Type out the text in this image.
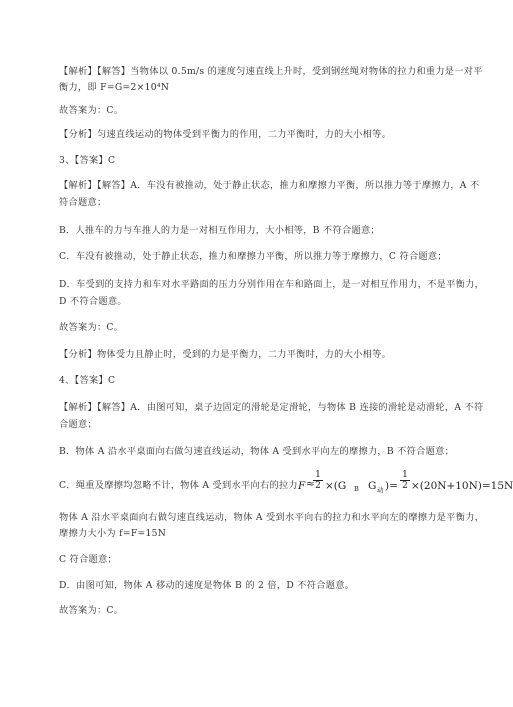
【解析】【解答】当物体以 0.5m/s 的速度匀速直线上升时，受到钢丝绳对物体的拉力和重力是一对平
衡力，即 F=G=2×10⁴N
故答案为：C。
【分析】匀速直线运动的物体受到平衡力的作用，二力平衡时，力的大小相等。
3、【答案】C
【解析】【解答】A．车没有被推动，处于静止状态，推力和摩擦力平衡，所以推力等于摩擦力，A 不
符合题意；
B．人推车的力与车推人的力是一对相互作用力，大小相等，B 不符合题意；
C．车没有被推动，处于静止状态，推力和摩擦力平衡，所以推力等于摩擦力，C 符合题意；
D．车受到的支持力和车对水平路面的压力分别作用在车和路面上，是一对相互作用力，不是平衡力，
D 不符合题意。
故答案为：C。
【分析】物体受力且静止时，受到的力是平衡力，二力平衡时，力的大小相等。
4、【答案】C
【解析】【解答】A．由图可知，桌子边固定的滑轮是定滑轮，与物体 B 连接的滑轮是动滑轮，A 不符
合题意；
B．物体 A 沿水平桌面向右做匀速直线运动，物体 A 受到水平向左的摩擦力，B 不符合题意；
C．绳重及摩擦均忽略不计，物体 A 受到水平向右的拉力 F ≈
$\frac{1}{2} \times(G$ B G 动 )= $\frac{1}{2} \times(20N+10N)=15N$
物体 A 沿水平桌面向右做匀速直线运动，物体 A 受到水平向右的拉力和水平向左的摩擦力是平衡力，
摩擦力大小为 f=F=15N
C 符合题意；
D．由图可知，物体 A 移动的速度是物体 B 的 2 倍，D 不符合题意。
故答案为：C。
